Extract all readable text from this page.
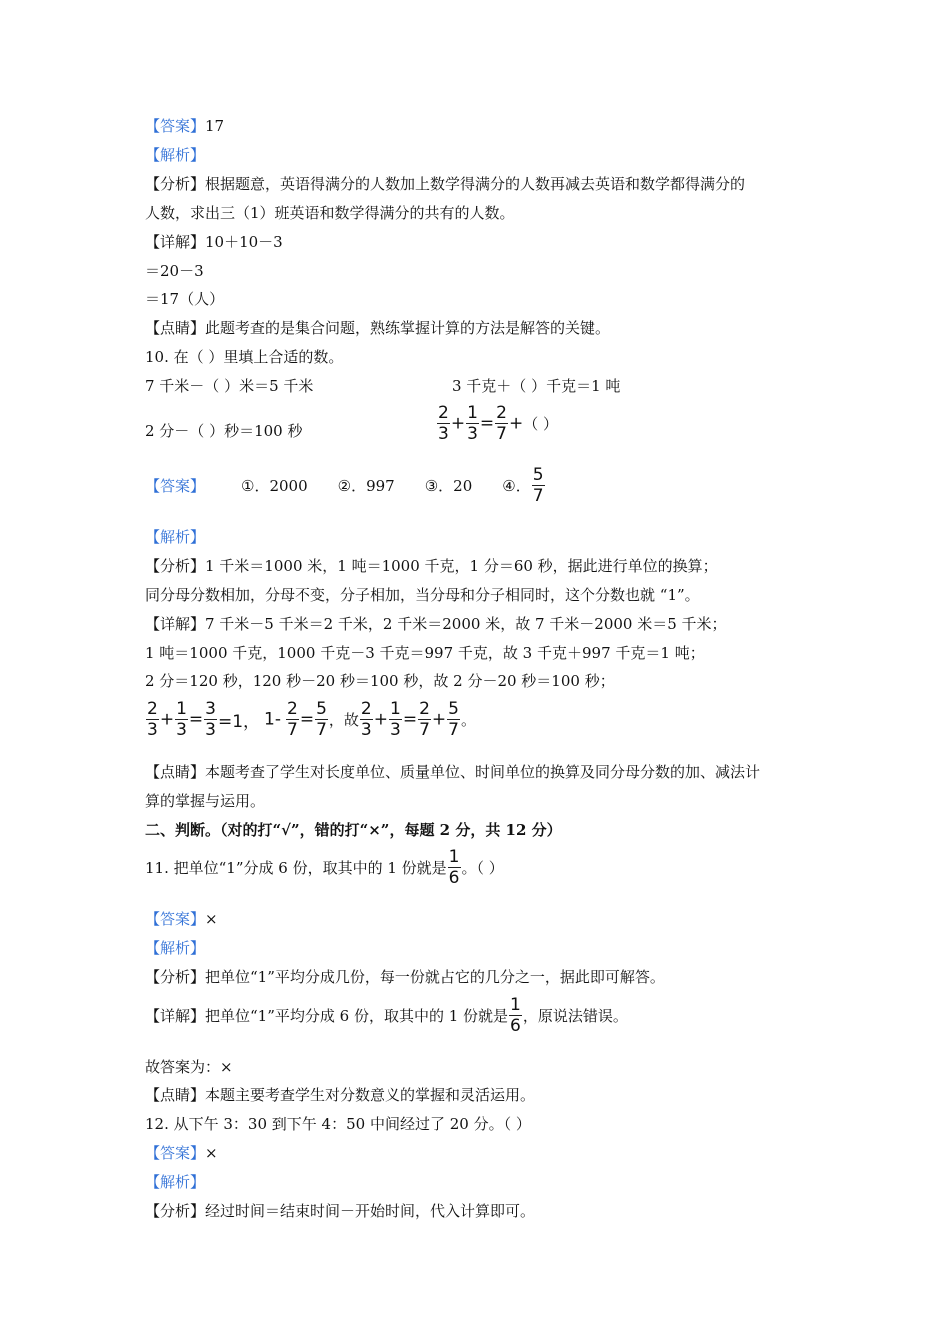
【答案】17
【解析】
【分析】根据题意，英语得满分的人数加上数学得满分的人数再减去英语和数学都得满分的
人数，求出三（1）班英语和数学得满分的共有的人数。
【详解】10＋10－3
＝20－3
＝17（人）
【点睛】此题考查的是集合问题，熟练掌握计算的方法是解答的关键。
10. 在（ ）里填上合适的数。
7 千米－（ ）米＝5 千米	3 千克＋（ ）千克＝1 吨
2 分－（ ）秒＝100 秒	$\frac{2}{3} + \frac{1}{3} = \frac{2}{7}$ +（ ）
【答案】 ①．2000 ②．997 ③．20 ④． $\frac{5}{7}$
【解析】
【分析】1 千米＝1000 米，1 吨＝1000 千克，1 分＝60 秒，据此进行单位的换算；
同分母分数相加，分母不变，分子相加，当分母和分子相同时，这个分数也就 “1”。
【详解】7 千米－5 千米＝2 千米，2 千米＝2000 米，故 7 千米－2000 米＝5 千米；
1 吨＝1000 千克，1000 千克－3 千克＝997 千克，故 3 千克＋997 千克＝1 吨；
2 分＝120 秒，120 秒－20 秒＝100 秒，故 2 分－20 秒＝100 秒；
$\frac{2}{3} + \frac{1}{3} = \frac{3}{3} =1$， $1- \frac{2}{7} = \frac{5}{7}$ ，故 $\frac{2}{3} + \frac{1}{3} = \frac{2}{7} + \frac{5}{7}$ 。
【点睛】本题考查了学生对长度单位、质量单位、时间单位的换算及同分母分数的加、减法计
算的掌握与运用。
二、判断。（对的打“√”，错的打“×”，每题 2 分，共 12 分）
11. 把单位“1”分成 6 份，取其中的 1 份就是 $\frac{1}{6}$ 。（ ）
【答案】×
【解析】
【分析】把单位“1”平均分成几份，每一份就占它的几分之一，据此即可解答。
【详解】把单位“1”平均分成 6 份，取其中的 1 份就是 $\frac{1}{6}$ ，原说法错误。
故答案为：×
【点睛】本题主要考查学生对分数意义的掌握和灵活运用。
12. 从下午 3：30 到下午 4：50 中间经过了 20 分。（ ）
【答案】×
【解析】
【分析】经过时间＝结束时间－开始时间，代入计算即可。
